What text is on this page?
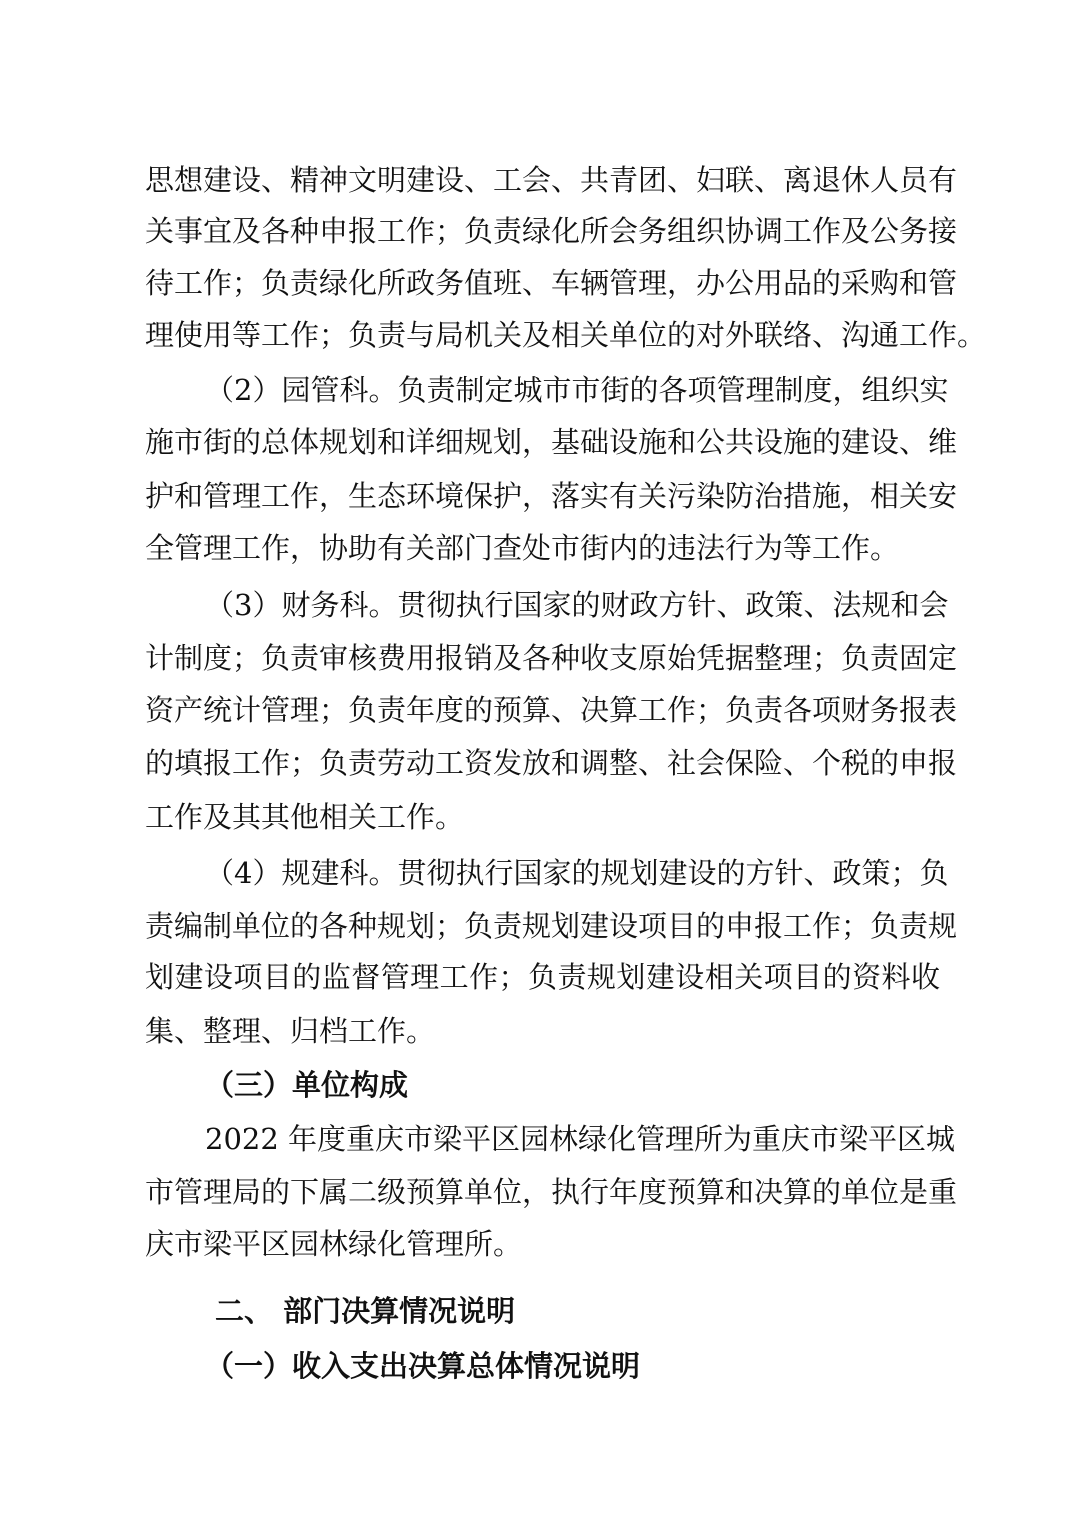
思想建设、精神文明建设、工会、共青团、妇联、离退休人员有
关事宜及各种申报工作；负责绿化所会务组织协调工作及公务接
待工作；负责绿化所政务值班、车辆管理，办公用品的采购和管
理使用等工作；负责与局机关及相关单位的对外联络、沟通工作。
（2）园管科。负责制定城市市街的各项管理制度，组织实
施市街的总体规划和详细规划，基础设施和公共设施的建设、维
护和管理工作，生态环境保护，落实有关污染防治措施，相关安
全管理工作，协助有关部门查处市街内的违法行为等工作。
（3）财务科。贯彻执行国家的财政方针、政策、法规和会
计制度；负责审核费用报销及各种收支原始凭据整理；负责固定
资产统计管理；负责年度的预算、决算工作；负责各项财务报表
的填报工作；负责劳动工资发放和调整、社会保险、个税的申报
工作及其其他相关工作。
（4）规建科。贯彻执行国家的规划建设的方针、政策；负
责编制单位的各种规划；负责规划建设项目的申报工作；负责规
划建设项目的监督管理工作；负责规划建设相关项目的资料收
集、整理、归档工作。
（三）单位构成
2022 年度重庆市梁平区园林绿化管理所为重庆市梁平区城
市管理局的下属二级预算单位，执行年度预算和决算的单位是重
庆市梁平区园林绿化管理所。
二、 部门决算情况说明
（一）收入支出决算总体情况说明
